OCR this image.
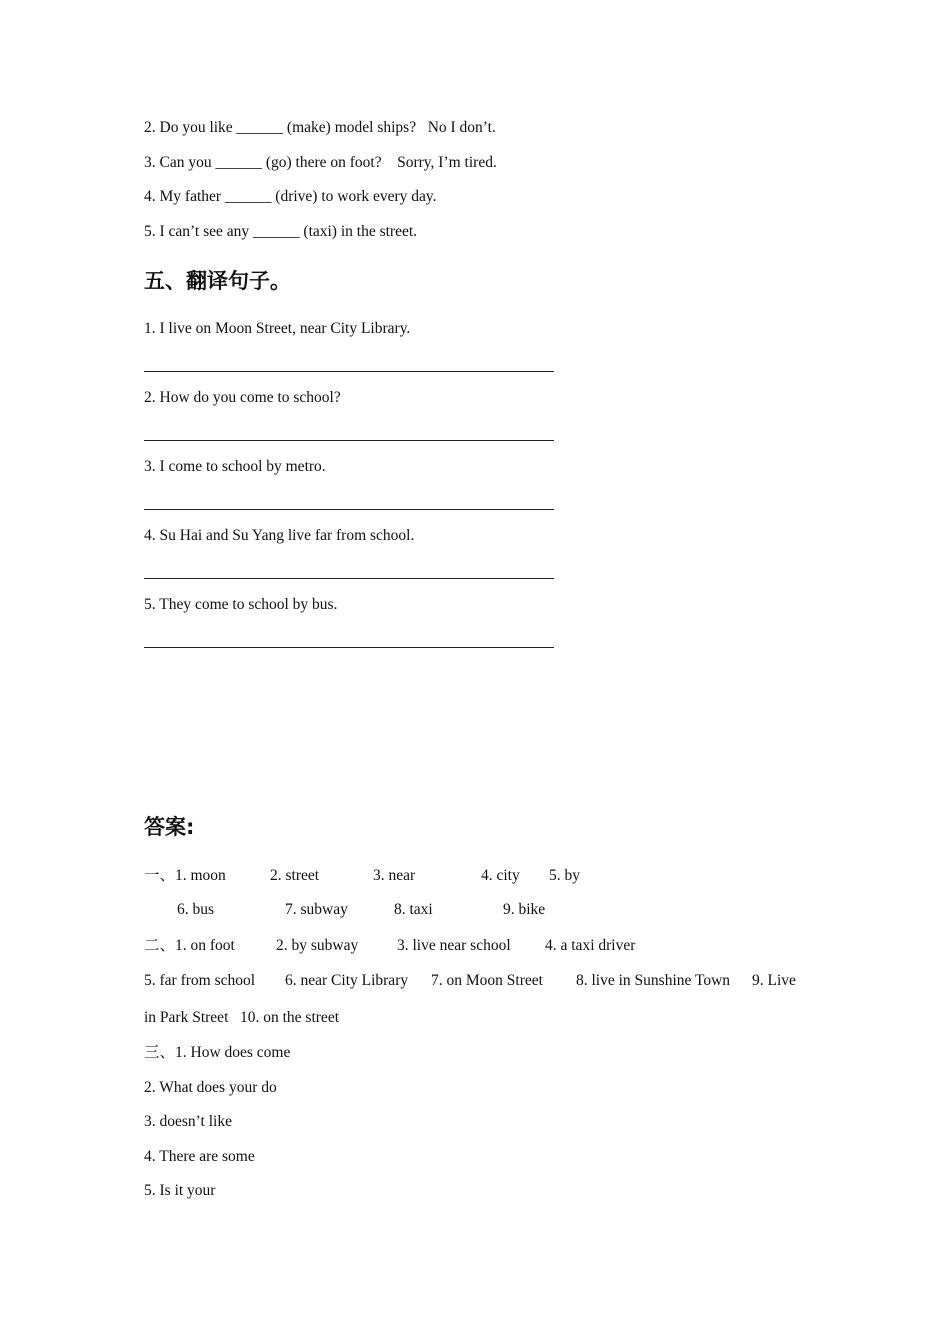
2. Do you like ______ (make) model ships?   No I don’t.
3. Can you ______ (go) there on foot?    Sorry, I’m tired.
4. My father ______ (drive) to work every day.
5. I can’t see any ______ (taxi) in the street.
五、翻译句子。
1. I live on Moon Street, near City Library.
2. How do you come to school?
3. I come to school by metro.
4. Su Hai and Su Yang live far from school.
5. They come to school by bus.
答案:
一、1. moon	2. street	3. near	4. city 5. by
6. bus	7. subway	8. taxi	9. bike
二、1. on foot	2. by subway	3. live near school 4. a taxi driver
5. far from school 6. near City Library 7. on Moon Street 8. live in Sunshine Town 9. Live
in Park Street   10. on the street
三、1. How does come
2. What does your do
3. doesn’t like
4. There are some
5. Is it your
